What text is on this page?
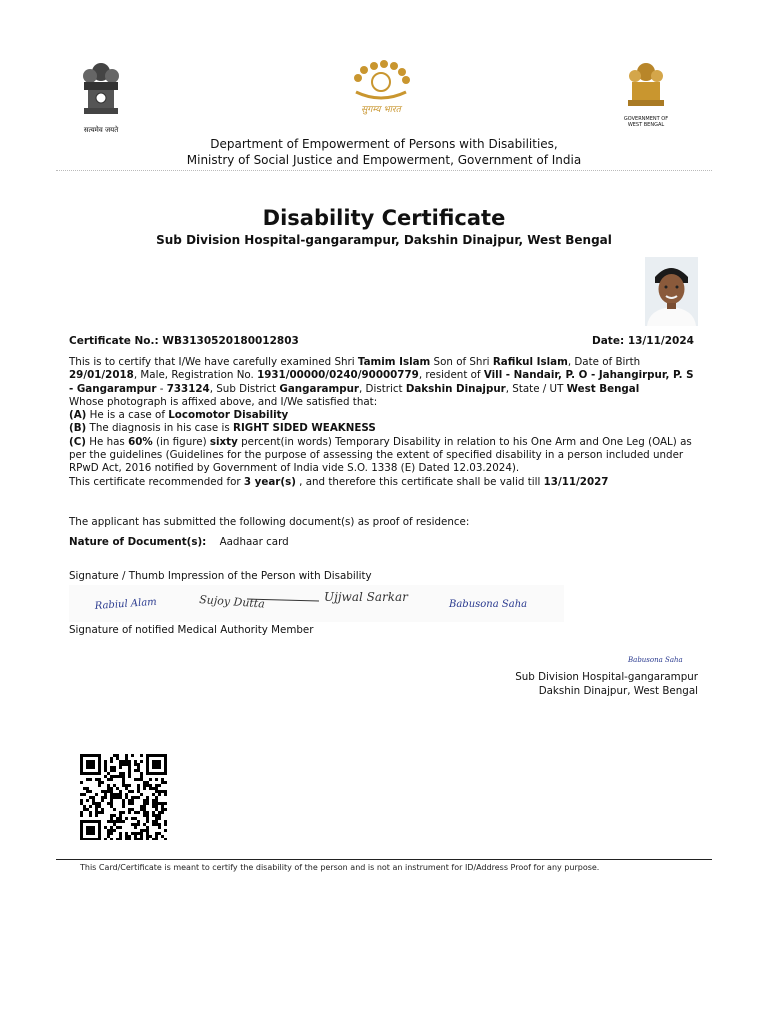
सत्यमेव जयते
सुगम्य भारत
GOVERNMENT OF
WEST BENGAL
Department of Empowerment of Persons with Disabilities,
Ministry of Social Justice and Empowerment, Government of India
Disability Certificate
Sub Division Hospital-gangarampur, Dakshin Dinajpur, West Bengal
Certificate No.: WB3130520180012803	Date: 13/11/2024

This is to certify that I/We have carefully examined Shri Tamim Islam Son of Shri Rafikul Islam, Date of Birth 29/01/2018, Male, Registration No. 1931/00000/0240/90000779, resident of Vill - Nandair, P. O - Jahangirpur, P. S - Gangarampur - 733124, Sub District Gangarampur, District Dakshin Dinajpur, State / UT West Bengal

Whose photograph is affixed above, and I/We satisfied that:

(A) He is a case of Locomotor Disability

(B) The diagnosis in his case is RIGHT SIDED WEAKNESS

(C) He has 60% (in figure) sixty percent(in words) Temporary Disability in relation to his One Arm and One Leg (OAL) as per the guidelines (Guidelines for the purpose of assessing the extent of specified disability in a person included under RPwD Act, 2016 notified by Government of India vide S.O. 1338 (E) Dated 12.03.2024).

This certificate recommended for 3 year(s) , and therefore this certificate shall be valid till 13/11/2027

The applicant has submitted the following document(s) as proof of residence:
Nature of Document(s): Aadhaar card
Signature / Thumb Impression of the Person with Disability
Rabiul Alam	Sujoy Dutta	Ujjwal Sarkar
Babusona Saha
Signature of notified Medical Authority Member
Babusona Saha
Sub Division Hospital-gangarampur
Dakshin Dinajpur, West Bengal
This Card/Certificate is meant to certify the disability of the person and is not an instrument for ID/Address Proof for any purpose.
